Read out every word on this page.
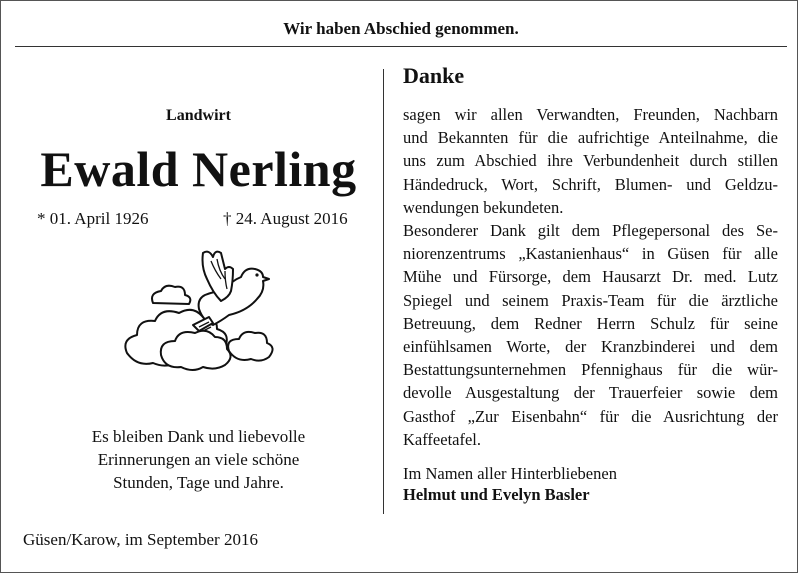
Wir haben Abschied genommen.
Landwirt
Ewald Nerling
* 01. April 1926	† 24. August 2016
Es bleiben Dank und liebevolle
Erinnerungen an viele schöne
Stunden, Tage und Jahre.
Güsen/Karow, im September 2016
Danke
sagen wir allen Verwandten, Freunden, Nachbarn
und Bekannten für die aufrichtige Anteilnahme, die
uns zum Abschied ihre Verbundenheit durch stillen
Händedruck, Wort, Schrift, Blumen- und Geldzu-
wendungen bekundeten.
Besonderer Dank gilt dem Pflegepersonal des Se-
niorenzentrums „Kastanienhaus“ in Güsen für alle
Mühe und Fürsorge, dem Hausarzt Dr. med. Lutz
Spiegel und seinem Praxis-Team für die ärztliche
Betreuung, dem Redner Herrn Schulz für seine
einfühlsamen Worte, der Kranzbinderei und dem
Bestattungsunternehmen Pfennighaus für die wür-
devolle Ausgestaltung der Trauerfeier sowie dem
Gasthof „Zur Eisenbahn“ für die Ausrichtung der
Kaffeetafel.
Im Namen aller Hinterbliebenen
Helmut und Evelyn Basler
